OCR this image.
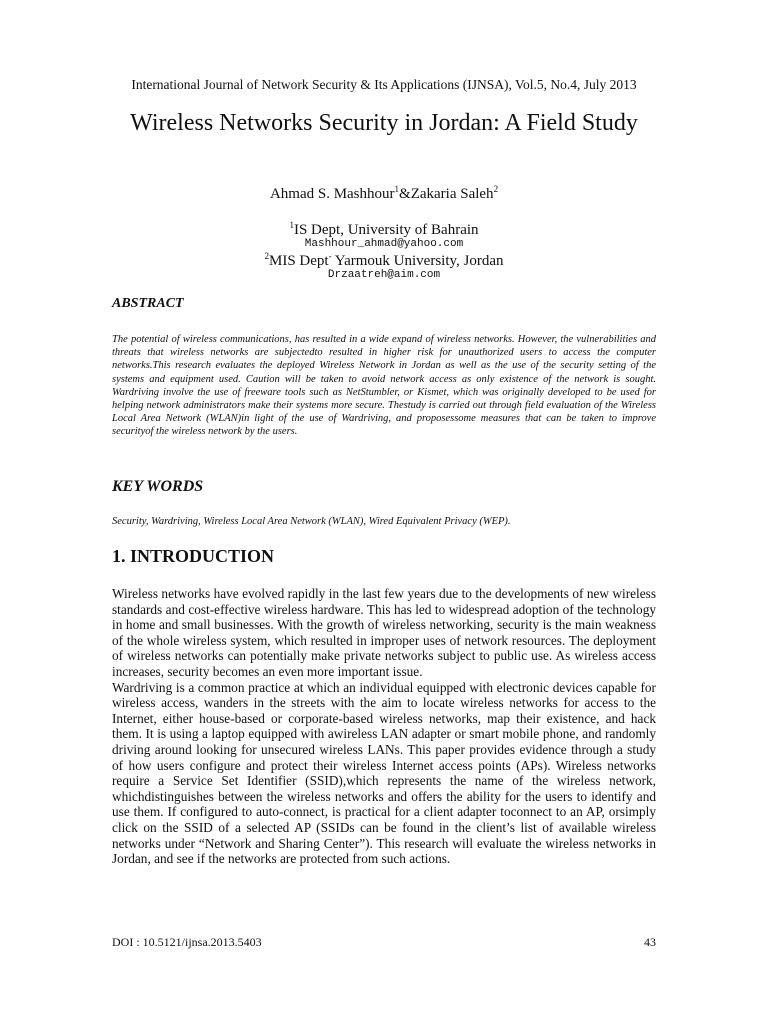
International Journal of Network Security & Its Applications (IJNSA), Vol.5, No.4, July 2013
Wireless Networks Security in Jordan: A Field Study
Ahmad S. Mashhour$^1$&Zakaria Saleh$^2$
$^1$IS Dept, University of Bahrain
Mashhour_ahmad@yahoo.com
$^2$MIS Dept- Yarmouk University, Jordan
Drzaatreh@aim.com
ABSTRACT

The potential of wireless communications, has resulted in a wide expand of wireless networks. However, the vulnerabilities and threats that wireless networks are subjectedto resulted in higher risk for unauthorized users to access the computer networks.This research evaluates the deployed Wireless Network in Jordan as well as the use of the security setting of the systems and equipment used. Caution will be taken to avoid network access as only existence of the network is sought. Wardriving involve the use of freeware tools such as NetStumbler, or Kismet, which was originally developed to be used for helping network administrators make their systems more secure. Thestudy is carried out through field evaluation of the Wireless Local Area Network (WLAN)in light of the use of Wardriving, and proposessome measures that can be taken to improve securityof the wireless network by the users.

KEY WORDS

Security, Wardriving, Wireless Local Area Network (WLAN), Wired Equivalent Privacy (WEP).

1. INTRODUCTION

Wireless networks have evolved rapidly in the last few years due to the developments of new wireless standards and cost-effective wireless hardware. This has led to widespread adoption of the technology in home and small businesses. With the growth of wireless networking, security is the main weakness of the whole wireless system, which resulted in improper uses of network resources. The deployment of wireless networks can potentially make private networks subject to public use. As wireless access increases, security becomes an even more important issue.

Wardriving is a common practice at which an individual equipped with electronic devices capable for wireless access, wanders in the streets with the aim to locate wireless networks for access to the Internet, either house-based or corporate-based wireless networks, map their existence, and hack them. It is using a laptop equipped with awireless LAN adapter or smart mobile phone, and randomly driving around looking for unsecured wireless LANs. This paper provides evidence through a study of how users configure and protect their wireless Internet access points (APs). Wireless networks require a Service Set Identifier (SSID),which represents the name of the wireless network, whichdistinguishes between the wireless networks and offers the ability for the users to identify and use them. If configured to auto-connect, is practical for a client adapter toconnect to an AP, orsimply click on the SSID of a selected AP (SSIDs can be found in the client’s list of available wireless networks under “Network and Sharing Center”). This research will evaluate the wireless networks in Jordan, and see if the networks are protected from such actions.

DOI : 10.5121/ijnsa.2013.5403	43
